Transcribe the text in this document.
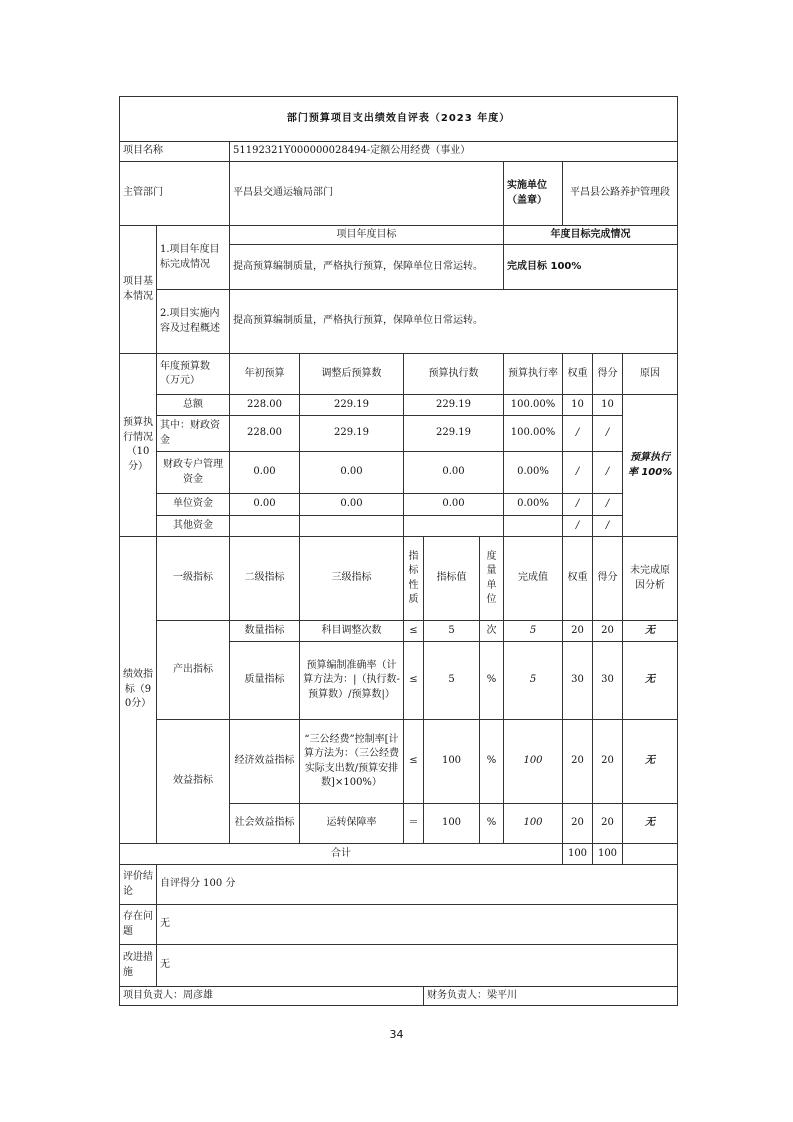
部门预算项目支出绩效自评表（2023 年度）										
项目名称		51192321Y000000028494-定额公用经费（事业）								
主管部门		平昌县交通运输局部门					实施单位（盖章）	平昌县公路养护管理段		
项目基本情况	1.项目年度目标完成情况	项目年度目标					年度目标完成情况			
		提高预算编制质量，严格执行预算，保障单位日常运转。					完成目标 100%			
	2.项目实施内容及过程概述	提高预算编制质量，严格执行预算，保障单位日常运转。								

预算执行情况（10分）	年度预算数（万元）	年初预算	调整后预算数	预算执行数			预算执行率	权重	得分	原因
	总额	228.00	229.19	229.19			100.00%	10	10	预算执行率 100%
	其中：财政资金	228.00	229.19	229.19			100.00%	/	/	
	财政专户管理资金	0.00	0.00	0.00			0.00%	/	/	
	单位资金	0.00	0.00	0.00			0.00%	/	/	
	其他资金							/	/	
绩效指标（90分）	一级指标	二级指标	三级指标	指标性质	指标值	度量单位	完成值	权重	得分	未完成原因分析
	产出指标	数量指标	科目调整次数	≤	5	次	5	20	20	无
		质量指标	预算编制准确率（计算方法为：|（执行数-预算数）/预算数|）	≤	5	%	5	30	30	无
	效益指标	经济效益指标	“三公经费”控制率[计算方法为：（三公经费实际支出数/预算安排数]×100%）	≤	100	%	100	20	20	无
		社会效益指标	运转保障率	＝	100	%	100	20	20	无
合计								100	100	
评价结论	自评得分 100 分									
存在问题	无									
改进措施	无									
项目负责人：周彦雄					财务负责人：梁平川					
34
